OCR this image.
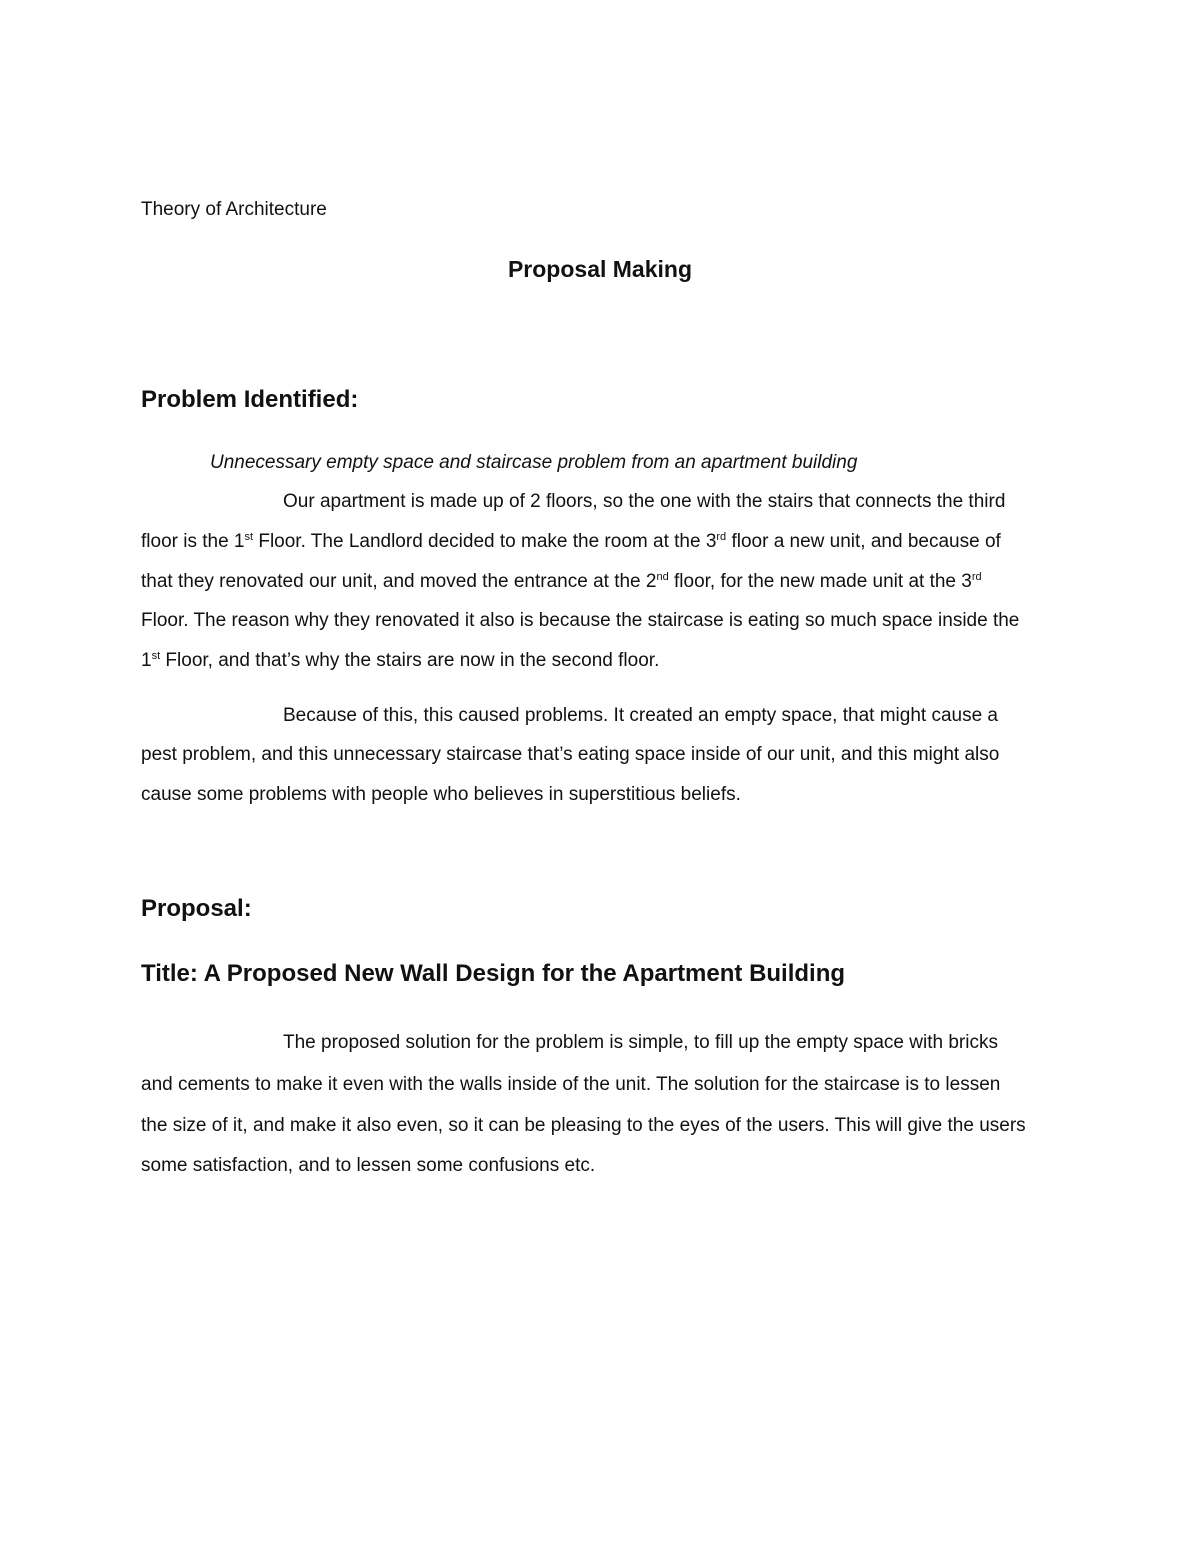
Theory of Architecture

Proposal Making
Problem Identified:

Unnecessary empty space and staircase problem from an apartment building

Our apartment is made up of 2 floors, so the one with the stairs that connects the third

floor is the 1st Floor. The Landlord decided to make the room at the 3rd floor a new unit, and because of

that they renovated our unit, and moved the entrance at the 2nd floor, for the new made unit at the 3rd

Floor. The reason why they renovated it also is because the staircase is eating so much space inside the

1st Floor, and that’s why the stairs are now in the second floor.

Because of this, this caused problems. It created an empty space, that might cause a

pest problem, and this unnecessary staircase that’s eating space inside of our unit, and this might also

cause some problems with people who believes in superstitious beliefs.

Proposal:
Title: A Proposed New Wall Design for the Apartment Building

The proposed solution for the problem is simple, to fill up the empty space with bricks

and cements to make it even with the walls inside of the unit. The solution for the staircase is to lessen

the size of it, and make it also even, so it can be pleasing to the eyes of the users. This will give the users

some satisfaction, and to lessen some confusions etc.
